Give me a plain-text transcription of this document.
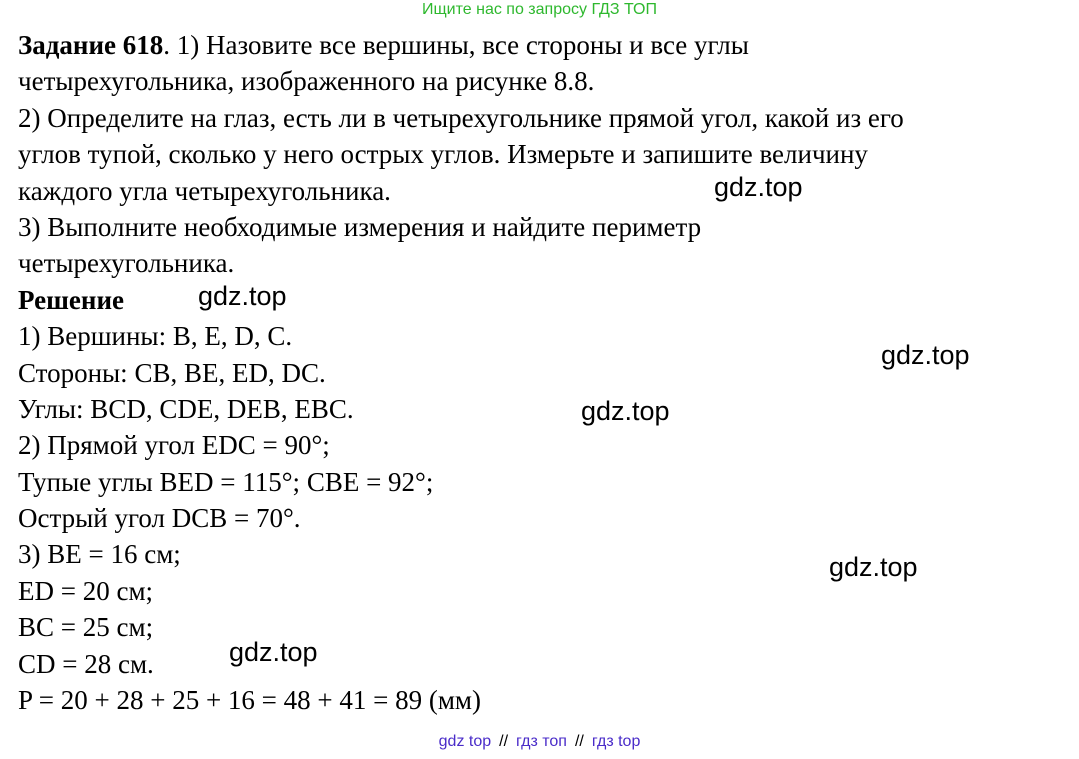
Ищите нас по запросу ГДЗ ТОП
Задание 618. 1) Назовите все вершины, все стороны и все углы
четырехугольника, изображенного на рисунке 8.8.
2) Определите на глаз, есть ли в четырехугольнике прямой угол, какой из его
углов тупой, сколько у него острых углов. Измерьте и запишите величину
каждого угла четырехугольника.
3) Выполните необходимые измерения и найдите периметр
четырехугольника.
Решение
1) Вершины: B, E, D, C.
Стороны: CB, BE, ED, DC.
Углы: BCD, CDE, DEB, EBC.
2) Прямой угол EDC = 90°;
Тупые углы BED = 115°; CBE = 92°;
Острый угол DCB = 70°.
3) BE = 16 см;
ED = 20 см;
BC = 25 см;
CD = 28 см.
P = 20 + 28 + 25 + 16 = 48 + 41 = 89 (мм)
gdz.top
gdz.top
gdz.top
gdz.top
gdz.top
gdz.top
gdz top // гдз топ // гдз top
